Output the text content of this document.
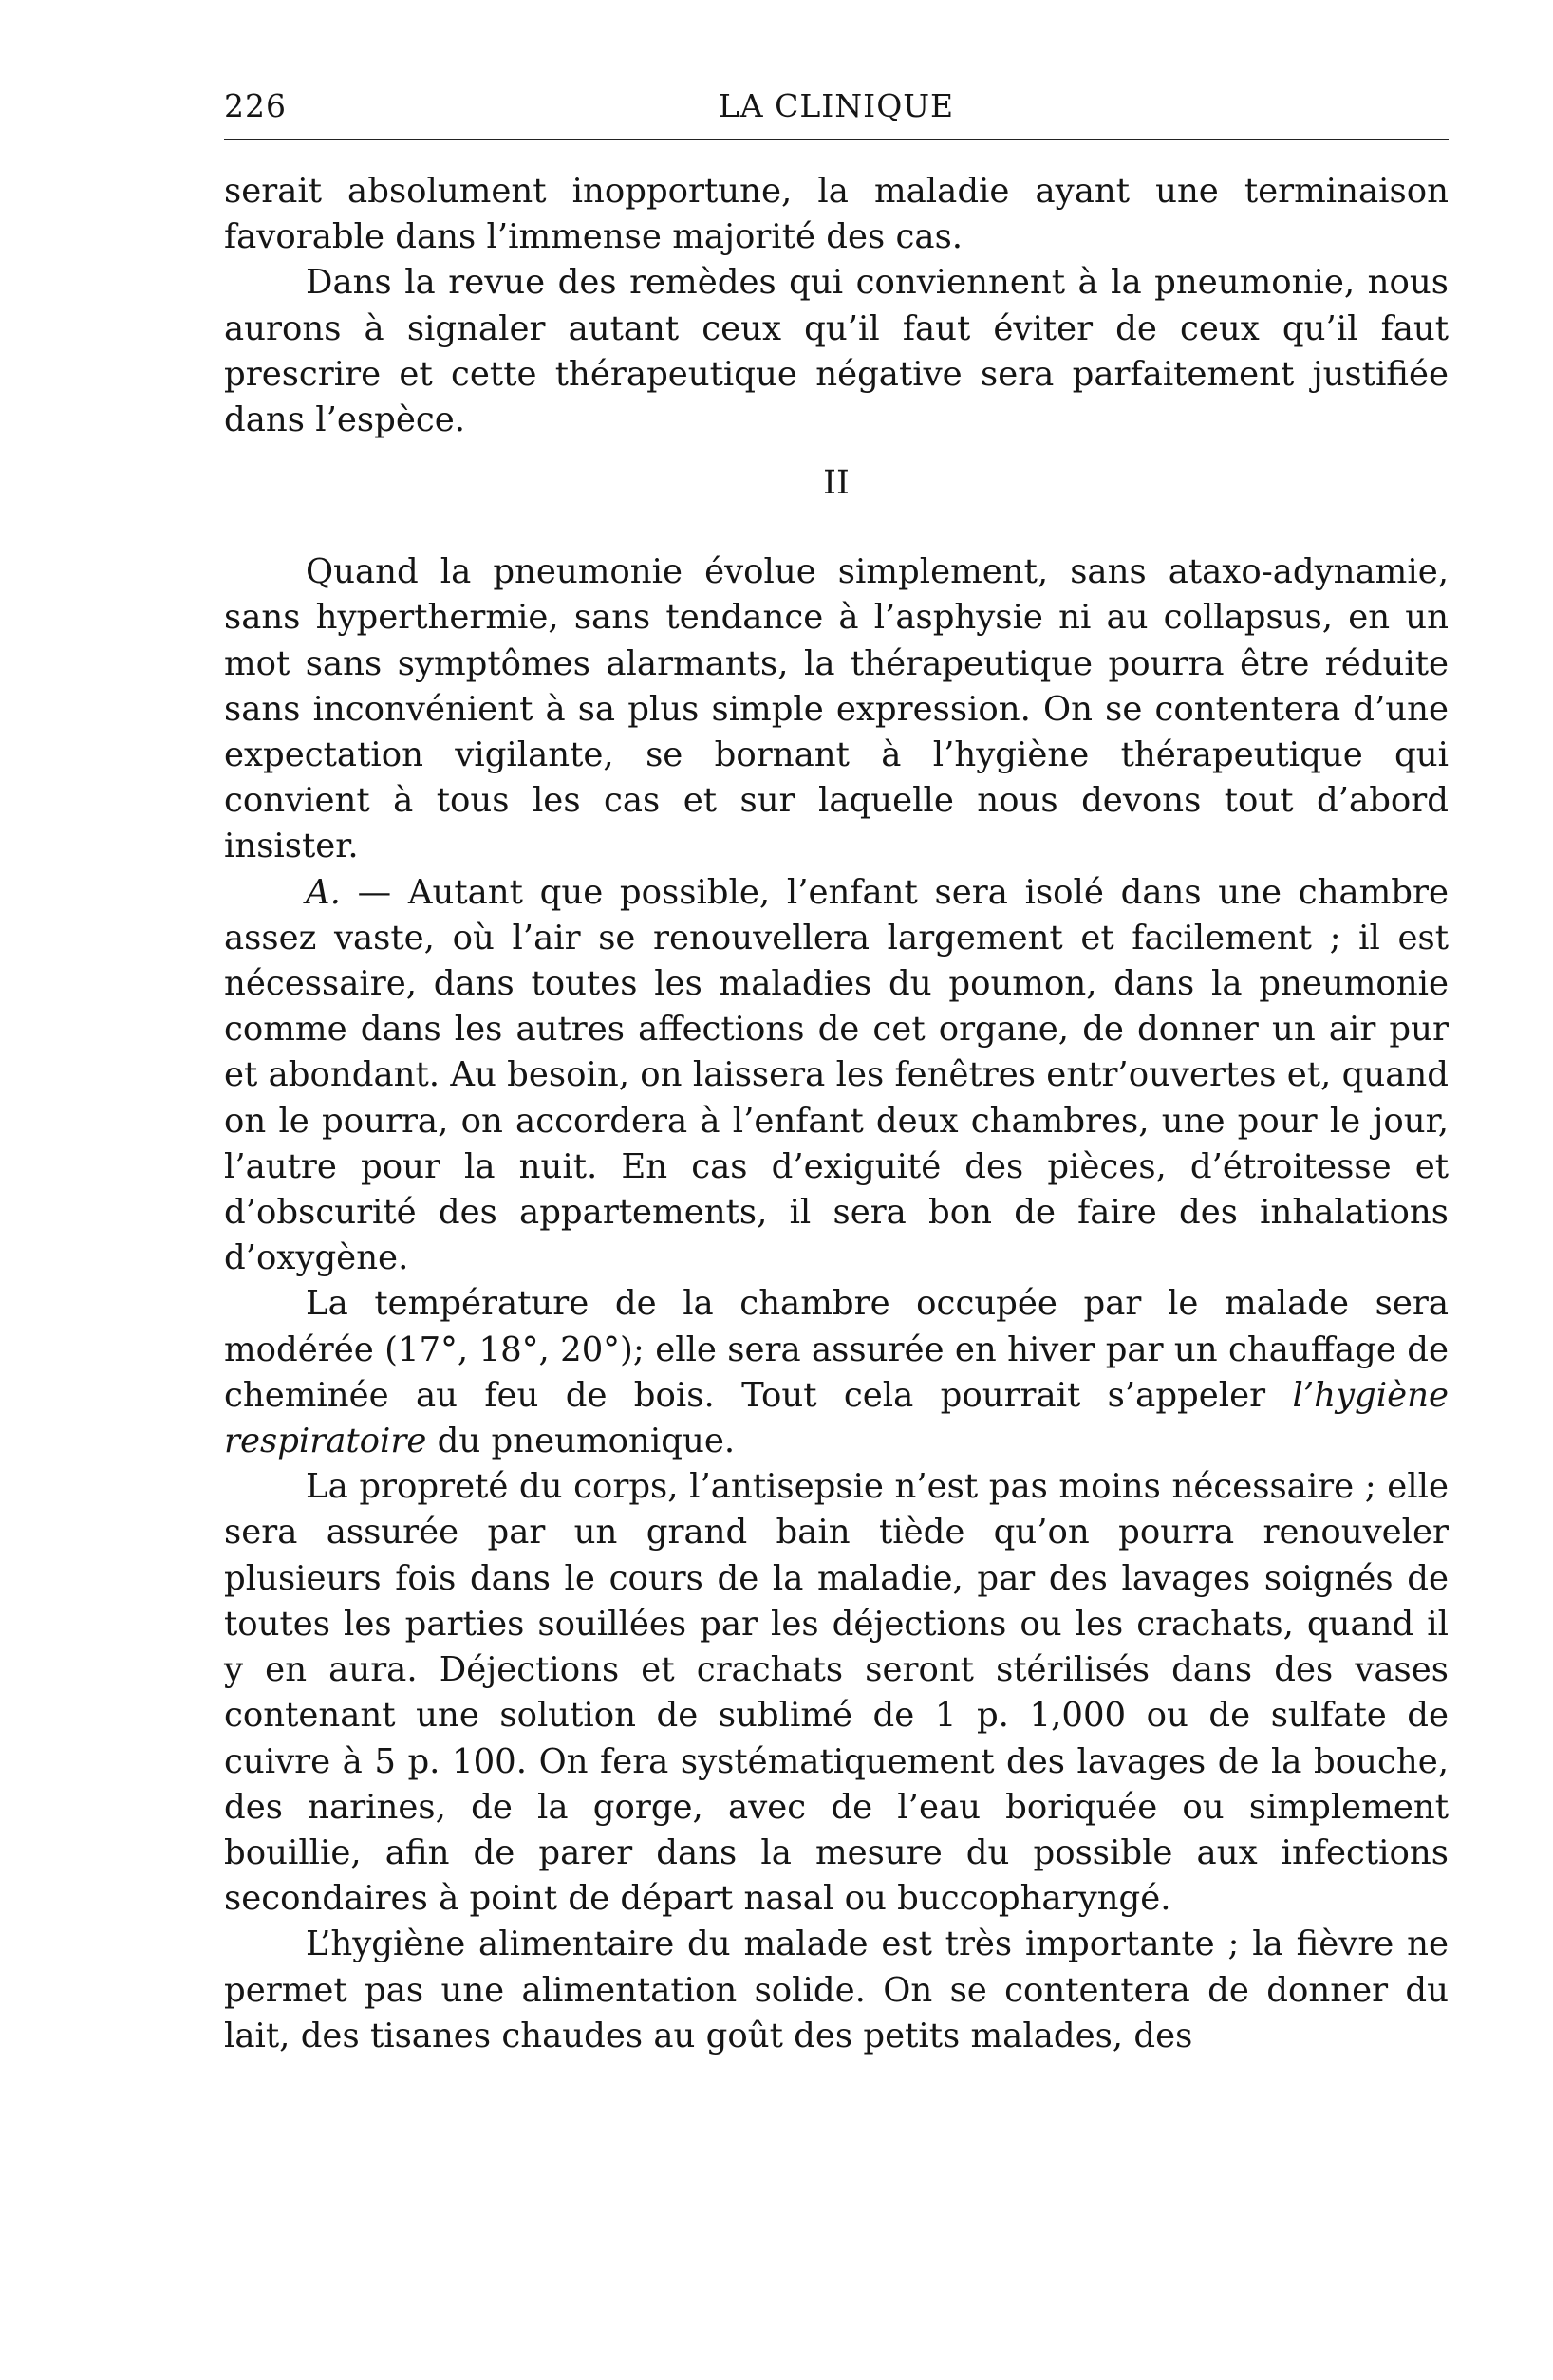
226	LA CLINIQUE

serait absolument inopportune, la maladie ayant une terminaison favorable dans l’immense majorité des cas.

Dans la revue des remèdes qui conviennent à la pneumonie, nous aurons à signaler autant ceux qu’il faut éviter de ceux qu’il faut prescrire et cette thérapeutique négative sera parfaitement justifiée dans l’espèce.

II

Quand la pneumonie évolue simplement, sans ataxo-adynamie, sans hyperthermie, sans tendance à l’asphysie ni au collapsus, en un mot sans symptômes alarmants, la thérapeutique pourra être réduite sans inconvénient à sa plus simple expression. On se contentera d’une expectation vigilante, se bornant à l’hygiène thérapeutique qui convient à tous les cas et sur laquelle nous devons tout d’abord insister.

A. — Autant que possible, l’enfant sera isolé dans une chambre assez vaste, où l’air se renouvellera largement et facilement ; il est nécessaire, dans toutes les maladies du poumon, dans la pneumonie comme dans les autres affections de cet organe, de donner un air pur et abondant. Au besoin, on laissera les fenêtres entr’ouvertes et, quand on le pourra, on accordera à l’enfant deux chambres, une pour le jour, l’autre pour la nuit. En cas d’exiguité des pièces, d’étroitesse et d’obscurité des appartements, il sera bon de faire des inhalations d’oxygène.

La température de la chambre occupée par le malade sera modérée (17°, 18°, 20°); elle sera assurée en hiver par un chauffage de cheminée au feu de bois. Tout cela pourrait s’appeler l’hygiène respiratoire du pneumonique.

La propreté du corps, l’antisepsie n’est pas moins nécessaire ; elle sera assurée par un grand bain tiède qu’on pourra renouveler plusieurs fois dans le cours de la maladie, par des lavages soignés de toutes les parties souillées par les déjections ou les crachats, quand il y en aura. Déjections et crachats seront stérilisés dans des vases contenant une solution de sublimé de 1 p. 1,000 ou de sulfate de cuivre à 5 p. 100. On fera systématiquement des lavages de la bouche, des narines, de la gorge, avec de l’eau boriquée ou simplement bouillie, afin de parer dans la mesure du possible aux infections secondaires à point de départ nasal ou buccopharyngé.

L’hygiène alimentaire du malade est très importante ; la fièvre ne permet pas une alimentation solide. On se contentera de donner du lait, des tisanes chaudes au goût des petits malades, des
